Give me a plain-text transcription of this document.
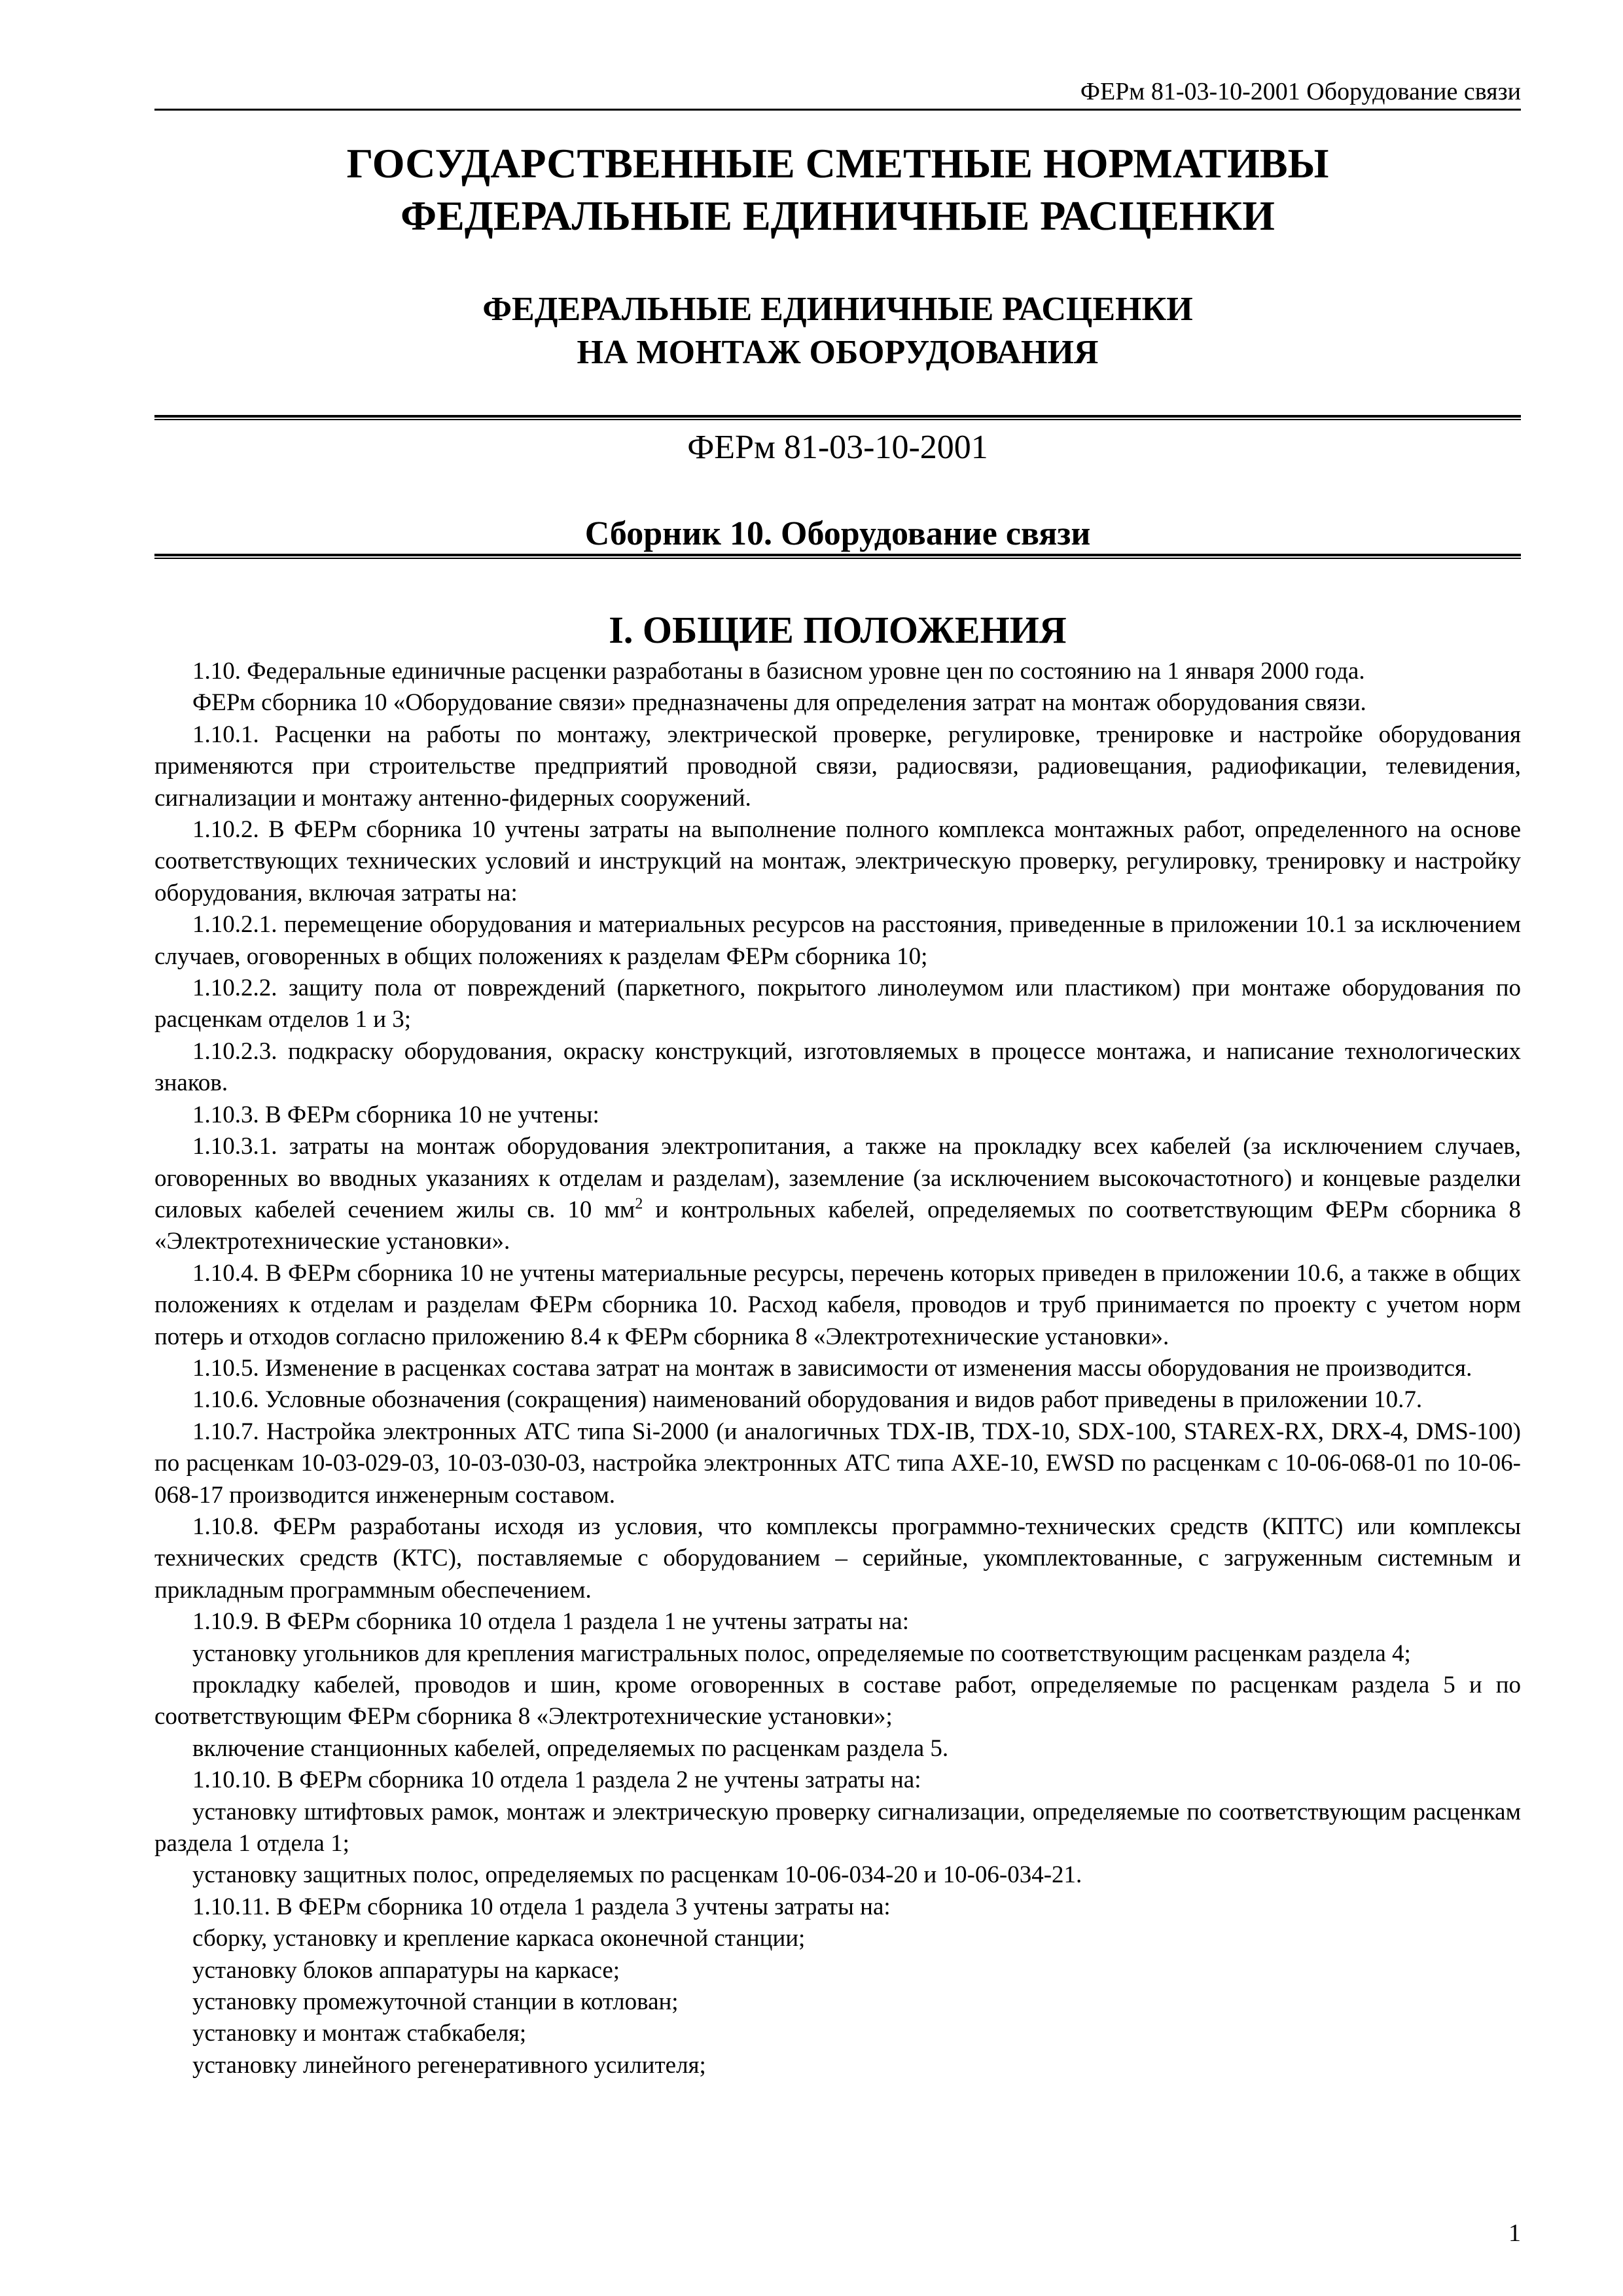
ФЕРм 81-03-10-2001 Оборудование связи
ГОСУДАРСТВЕННЫЕ СМЕТНЫЕ НОРМАТИВЫ
ФЕДЕРАЛЬНЫЕ ЕДИНИЧНЫЕ РАСЦЕНКИ
ФЕДЕРАЛЬНЫЕ ЕДИНИЧНЫЕ РАСЦЕНКИ
НА МОНТАЖ ОБОРУДОВАНИЯ
ФЕРм 81-03-10-2001
Сборник 10. Оборудование связи
I. ОБЩИЕ ПОЛОЖЕНИЯ

1.10. Федеральные единичные расценки разработаны в базисном уровне цен по состоянию на 1 января 2000 года.

ФЕРм сборника 10 «Оборудование связи» предназначены для определения затрат на монтаж оборудования связи.

1.10.1. Расценки на работы по монтажу, электрической проверке, регулировке, тренировке и настройке оборудования применяются при строительстве предприятий проводной связи, радиосвязи, радиовещания, радиофикации, телевидения, сигнализации и монтажу антенно-фидерных сооружений.

1.10.2. В ФЕРм сборника 10 учтены затраты на выполнение полного комплекса монтажных работ, определенного на основе соответствующих технических условий и инструкций на монтаж, электрическую проверку, регулировку, тренировку и настройку оборудования, включая затраты на:

1.10.2.1. перемещение оборудования и материальных ресурсов на расстояния, приведенные в приложении 10.1 за исключением случаев, оговоренных в общих положениях к разделам ФЕРм сборника 10;

1.10.2.2. защиту пола от повреждений (паркетного, покрытого линолеумом или пластиком) при монтаже оборудования по расценкам отделов 1 и 3;

1.10.2.3. подкраску оборудования, окраску конструкций, изготовляемых в процессе монтажа, и написание технологических знаков.

1.10.3. В ФЕРм сборника 10 не учтены:

1.10.3.1. затраты на монтаж оборудования электропитания, а также на прокладку всех кабелей (за исключением случаев, оговоренных во вводных указаниях к отделам и разделам), заземление (за исключением высокочастотного) и концевые разделки силовых кабелей сечением жилы св. 10 $мм^2$ и контрольных кабелей, определяемых по соответствующим ФЕРм сборника 8 «Электротехнические установки».

1.10.4. В ФЕРм сборника 10 не учтены материальные ресурсы, перечень которых приведен в приложении 10.6, а также в общих положениях к отделам и разделам ФЕРм сборника 10. Расход кабеля, проводов и труб принимается по проекту с учетом норм потерь и отходов согласно приложению 8.4 к ФЕРм сборника 8 «Электротехнические установки».

1.10.5. Изменение в расценках состава затрат на монтаж в зависимости от изменения массы оборудования не производится.

1.10.6. Условные обозначения (сокращения) наименований оборудования и видов работ приведены в приложении 10.7.

1.10.7. Настройка электронных АТС типа Si-2000 (и аналогичных TDX-IB, TDX-10, SDX-100, STAREX-RX, DRX-4, DMS-100) по расценкам 10-03-029-03, 10-03-030-03, настройка электронных АТС типа АХЕ-10, EWSD по расценкам с 10-06-068-01 по 10-06-068-17 производится инженерным составом.

1.10.8. ФЕРм разработаны исходя из условия, что комплексы программно-технических средств (КПТС) или комплексы технических средств (КТС), поставляемые с оборудованием – серийные, укомплектованные, с загруженным системным и прикладным программным обеспечением.

1.10.9. В ФЕРм сборника 10 отдела 1 раздела 1 не учтены затраты на:

установку угольников для крепления магистральных полос, определяемые по соответствующим расценкам раздела 4;

прокладку кабелей, проводов и шин, кроме оговоренных в составе работ, определяемые по расценкам раздела 5 и по соответствующим ФЕРм сборника 8 «Электротехнические установки»;

включение станционных кабелей, определяемых по расценкам раздела 5.

1.10.10. В ФЕРм сборника 10 отдела 1 раздела 2 не учтены затраты на:

установку штифтовых рамок, монтаж и электрическую проверку сигнализации, определяемые по соответствующим расценкам раздела 1 отдела 1;

установку защитных полос, определяемых по расценкам 10-06-034-20 и 10-06-034-21.

1.10.11. В ФЕРм сборника 10 отдела 1 раздела 3 учтены затраты на:

сборку, установку и крепление каркаса оконечной станции;

установку блоков аппаратуры на каркасе;

установку промежуточной станции в котлован;

установку и монтаж стабкабеля;

установку линейного регенеративного усилителя;

1
